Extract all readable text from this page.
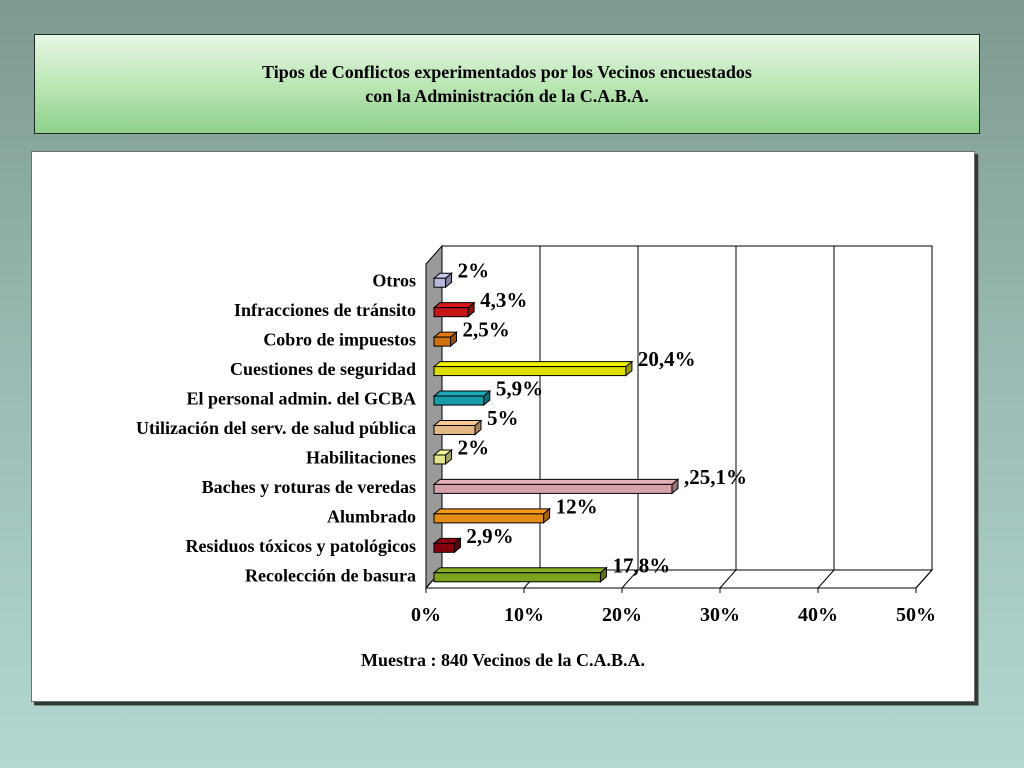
Tipos de Conflictos experimentados por los Vecinos encuestados
con la Administración de la C.A.B.A.
0%	10%	20%	30%	40%	50%
Otros 2%
Infracciones de tránsito	4,3%
Cobro de impuestos 2,5%
Cuestiones de seguridad	20,4%
El personal admin. del GCBA	5,9%
Utilización del serv. de salud pública	5%
Habilitaciones 2%
Baches y roturas de veredas	,25,1%
Alumbrado	12%
Residuos tóxicos y patológicos 2,9%
Recolección de basura	17,8%
Muestra : 840 Vecinos de la C.A.B.A.
